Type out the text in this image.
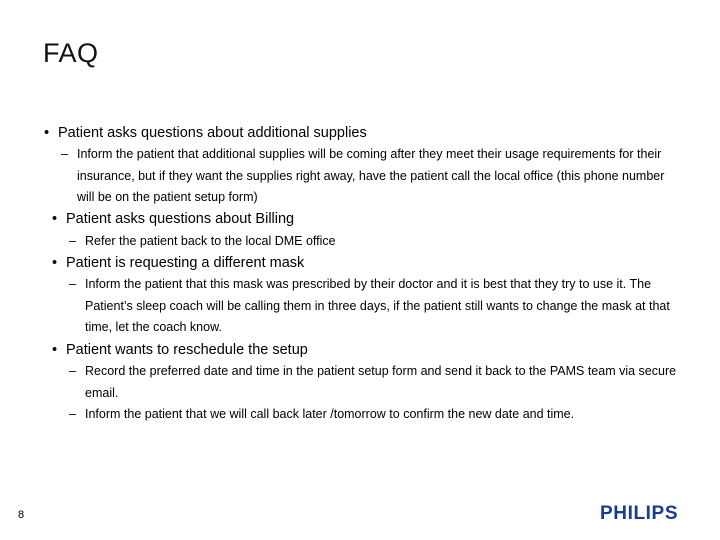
FAQ
• Patient asks questions about additional supplies
– Inform the patient that additional supplies will be coming after they meet their usage requirements for their insurance, but if they want the supplies right away, have the patient call the local office (this phone number will be on the patient setup form)
• Patient asks questions about Billing
– Refer the patient back to the local DME office
• Patient is requesting a different mask
– Inform the patient that this mask was prescribed by their doctor and it is best that they try to use it. The Patient’s sleep coach will be calling them in three days, if the patient still wants to change the mask at that time, let the coach know.
• Patient wants to reschedule the setup
– Record the preferred date and time in the patient setup form and send it back to the PAMS team via secure email.
– Inform the patient that we will call back later /tomorrow to confirm the new date and time.
8	PHILIPS
